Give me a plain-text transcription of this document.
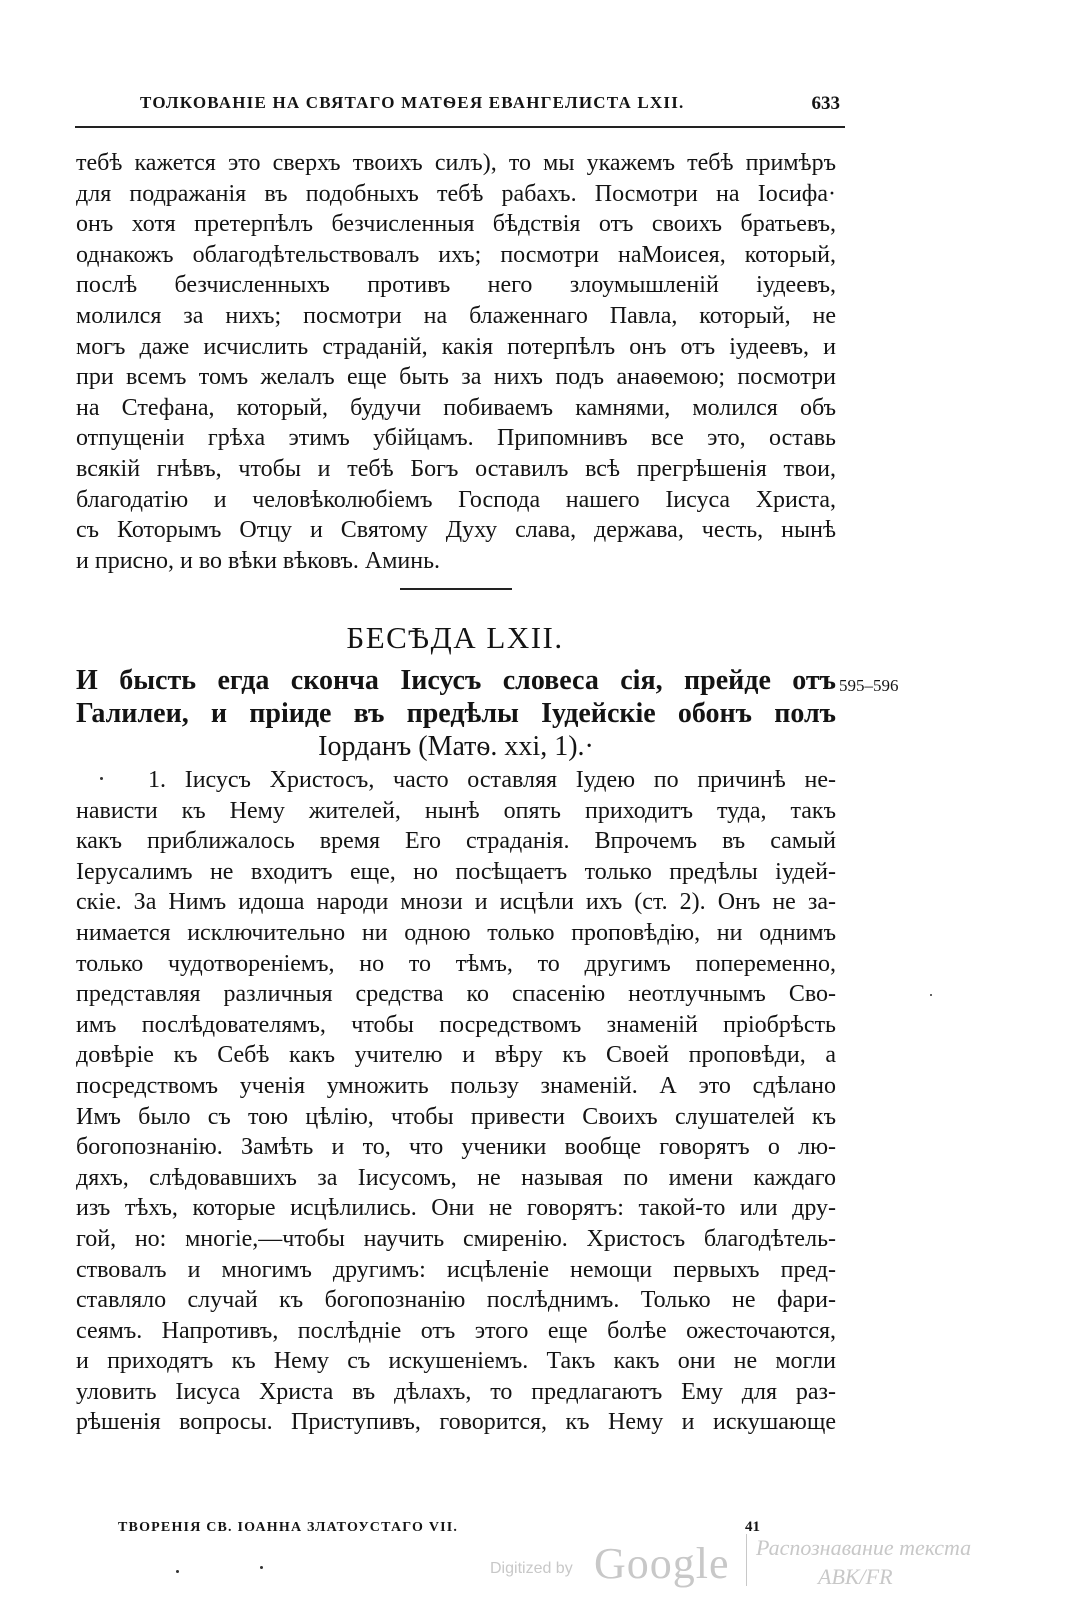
ТОЛКОВАНІЕ НА СВЯТАГО МАТѲЕЯ ЕВАНГЕЛИСТА LXII.	633
тебѣ кажется это сверхъ твоихъ силъ), то мы укажемъ тебѣ примѣръ
для подражанія въ подобныхъ тебѣ рабахъ. Посмотри на Іосифа·
онъ хотя претерпѣлъ безчисленныя бѣдствія отъ своихъ братьевъ,
однакожъ облагодѣтельствовалъ ихъ; посмотри наМоисея, который,
послѣ безчисленныхъ противъ него злоумышленій іудеевъ,
молился за нихъ; посмотри на блаженнаго Павла, который, не
могъ даже исчислить страданій, какія потерпѣлъ онъ отъ іудеевъ, и
при всемъ томъ желалъ еще быть за нихъ подъ анаѳемою; посмотри
на Стефана, который, будучи побиваемъ камнями, молился объ
отпущеніи грѣха этимъ убійцамъ. Припомнивъ все это, оставь
всякій гнѣвъ, чтобы и тебѣ Богъ оставилъ всѣ прегрѣшенія твои,
благодатію и человѣколюбіемъ Господа нашего Іисуса Христа,
съ Которымъ Отцу и Святому Духу слава, держава, честь, нынѣ
и присно, и во вѣки вѣковъ. Аминь.
БЕСѢДА LXII.
И бысть егда сконча Іисусъ словеса сія, прейде отъ
Галилеи, и пріиде въ предѣлы Іудейскіе обонъ полъ
Іорданъ (Матѳ. ххі, 1).·
595–596
1. Іисусъ Христосъ, часто оставляя Іудею по причинѣ не-
нависти къ Нему жителей, нынѣ опять приходитъ туда, такъ
какъ приближалось время Его страданія. Впрочемъ въ самый
Іерусалимъ не входитъ еще, но посѣщаетъ только предѣлы іудей-
скіе. За Нимъ идоша народи мнози и исцѣли ихъ (ст. 2). Онъ не за-
нимается исключительно ни одною только проповѣдію, ни однимъ
только чудотвореніемъ, но то тѣмъ, то другимъ попеременно,
представляя различныя средства ко спасенію неотлучнымъ Сво-
имъ послѣдователямъ, чтобы посредствомъ знаменій пріобрѣсть
довѣріе къ Себѣ какъ учителю и вѣру къ Своей проповѣди, а
посредствомъ ученія умножить пользу знаменій. А это сдѣлано
Имъ было съ тою цѣлію, чтобы привести Своихъ слушателей къ
богопознанію. Замѣть и то, что ученики вообще говорятъ о лю-
дяхъ, слѣдовавшихъ за Іисусомъ, не называя по имени каждаго
изъ тѣхъ, которые исцѣлились. Они не говорятъ: такой-то или дру-
гой, но: многіе,—чтобы научить смиренію. Христосъ благодѣтель-
ствовалъ и многимъ другимъ: исцѣленіе немощи первыхъ пред-
ставляло случай къ богопознанію послѣднимъ. Только не фари-
сеямъ. Напротивъ, послѣдніе отъ этого еще болѣе ожесточаются,
и приходятъ къ Нему съ искушеніемъ. Такъ какъ они не могли
уловить Іисуса Христа въ дѣлахъ, то предлагаютъ Ему для раз-
рѣшенія вопросы. Приступивъ, говорится, къ Нему и искушающе
ТВОРЕНІЯ СВ. ІОАННА ЗЛАТОУСТАГО VII.	41
Digitized by Google Распознавание текста
ABK/FR
